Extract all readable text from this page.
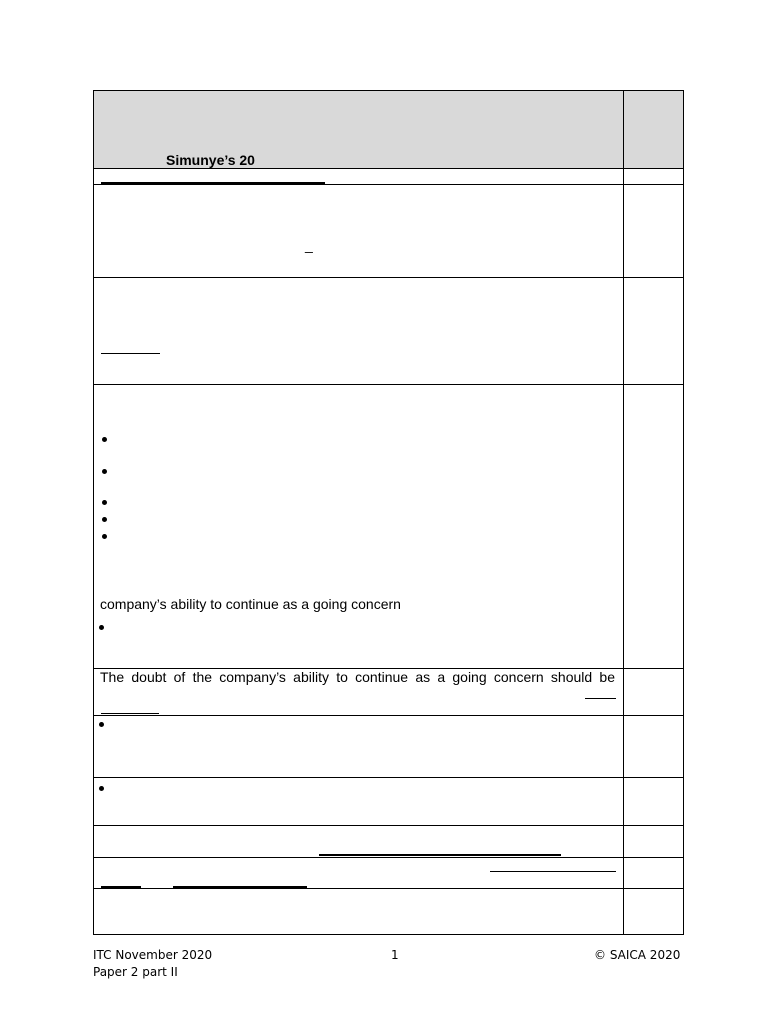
Simunye’s 20
_
company’s ability to continue as a going concern
The doubt of the company’s ability to continue as a going concern should be
ITC November 2020
Paper 2 part II
1	© SAICA 2020
